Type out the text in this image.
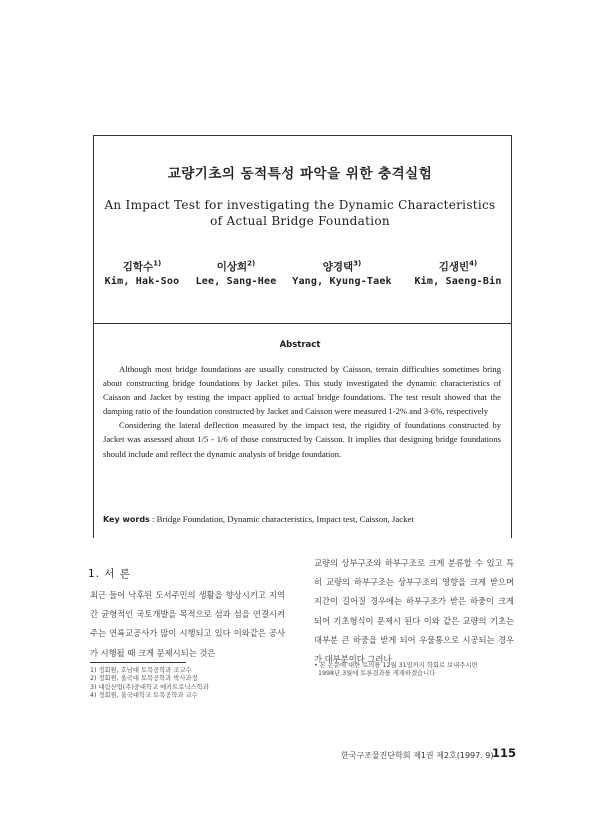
교량기초의 동적특성 파악을 위한 충격실험
An Impact Test for investigating the Dynamic Characteristics
of Actual Bridge Foundation
김학수$^{1)}$
Kim, Hak-Soo
이상희$^{2)}$
Lee, Sang-Hee
양경택$^{3)}$
Yang, Kyung-Taek
김생빈$^{4)}$
Kim, Saeng-Bin
Abstract

Although most bridge foundations are usually constructed by Caisson, terrain difficulties sometimes bring about constructing bridge foundations by Jacket piles. This study investigated the dynamic characteristics of Caisson and Jacket by testing the impact applied to actual bridge foundations. The test result showed that the damping ratio of the foundation constructed by Jacket and Caisson were measured 1-2% and 3-6%, respectively

Considering the lateral deflection measured by the impact test, the rigidity of foundations constructed by Jacket was assessed about 1/5 - 1/6 of those constructed by Caisson. It implies that designing bridge foundations should include and reflect the dynamic analysis of bridge foundation.

Key words : Bridge Foundation, Dynamic characteristics, Impact test, Caisson, Jacket
1. 서 론
최근 들어 낙후된 도서주민의 생활을 향상시키고 지역간 균형적인 국토개발을 목적으로 섬과 섬을 연결시켜 주는 연륙교공사가 많이 시행되고 있다 이와같은 공사가 시행될 때 크게 문제시되는 것은
교량의 상부구조와 하부구조로 크게 분류할 수 있고 특히 교량의 하부구조는 상부구조의 영향을 크게 받으며 지간이 길어질 경우에는 하부구조가 받은 하중이 크게 되어 기초형식이 문제시 된다 이와 같은 교량의 기초는 대부분 큰 하중을 받게 되어 우물통으로 시공되는 경우가 대부분이다 그러나
1) 정회원, 호남대 토목공학과 조교수
2) 정회원, 울국대 토목공학과 박사과정
3) 대림산업(주)중대학교 메카트로닉스학과
4) 정회원, 울국대학교 토목공학과 교수
• 본 논문에 대한 토의를 12월 31일까지 학회로 보내주시면
1998년 3월에 토론결과를 게재하겠습니다
한국구조물진단학회 제1권 제2호(1997. 9)
115
